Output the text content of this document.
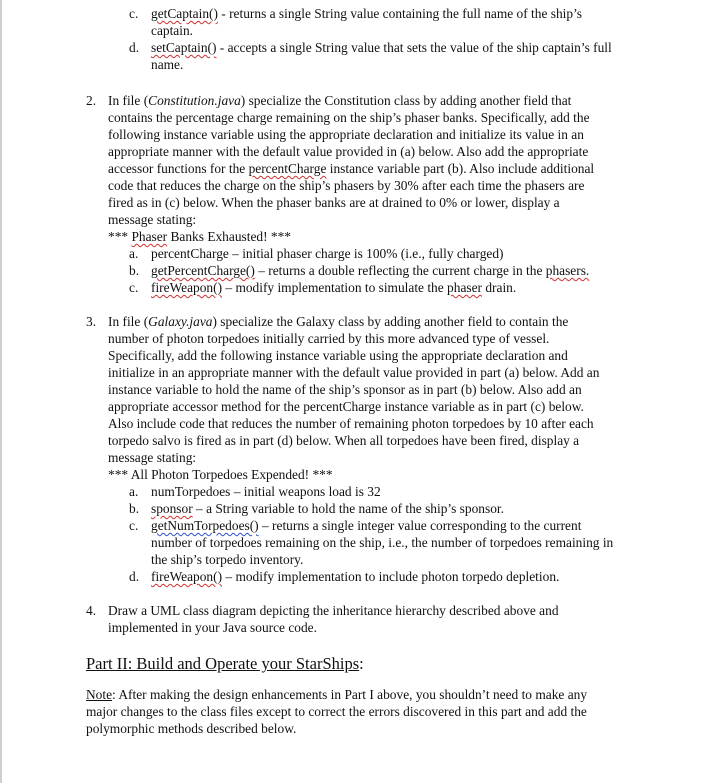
c. getCaptain() - returns a single String value containing the full name of the ship’s
captain.
d. setCaptain() - accepts a single String value that sets the value of the ship captain’s full
name.
2. In file (Constitution.java) specialize the Constitution class by adding another field that
contains the percentage charge remaining on the ship’s phaser banks. Specifically, add the
following instance variable using the appropriate declaration and initialize its value in an
appropriate manner with the default value provided in (a) below. Also add the appropriate
accessor functions for the percentCharge instance variable part (b). Also include additional
code that reduces the charge on the ship’s phasers by 30% after each time the phasers are
fired as in (c) below. When the phaser banks are at drained to 0% or lower, display a
message stating:
*** Phaser Banks Exhausted! ***
a. percentCharge – initial phaser charge is 100% (i.e., fully charged)
b. getPercentCharge() – returns a double reflecting the current charge in the phasers.
c. fireWeapon() – modify implementation to simulate the phaser drain.
3. In file (Galaxy.java) specialize the Galaxy class by adding another field to contain the
number of photon torpedoes initially carried by this more advanced type of vessel.
Specifically, add the following instance variable using the appropriate declaration and
initialize in an appropriate manner with the default value provided in part (a) below. Add an
instance variable to hold the name of the ship’s sponsor as in part (b) below. Also add an
appropriate accessor method for the percentCharge instance variable as in part (c) below.
Also include code that reduces the number of remaining photon torpedoes by 10 after each
torpedo salvo is fired as in part (d) below. When all torpedoes have been fired, display a
message stating:
*** All Photon Torpedoes Expended! ***
a. numTorpedoes – initial weapons load is 32
b. sponsor – a String variable to hold the name of the ship’s sponsor.
c. getNumTorpedoes() – returns a single integer value corresponding to the current
number of torpedoes remaining on the ship, i.e., the number of torpedoes remaining in
the ship’s torpedo inventory.
d. fireWeapon() – modify implementation to include photon torpedo depletion.
4. Draw a UML class diagram depicting the inheritance hierarchy described above and
implemented in your Java source code.
Part II: Build and Operate your StarShips:
Note: After making the design enhancements in Part I above, you shouldn’t need to make any
major changes to the class files except to correct the errors discovered in this part and add the
polymorphic methods described below.
